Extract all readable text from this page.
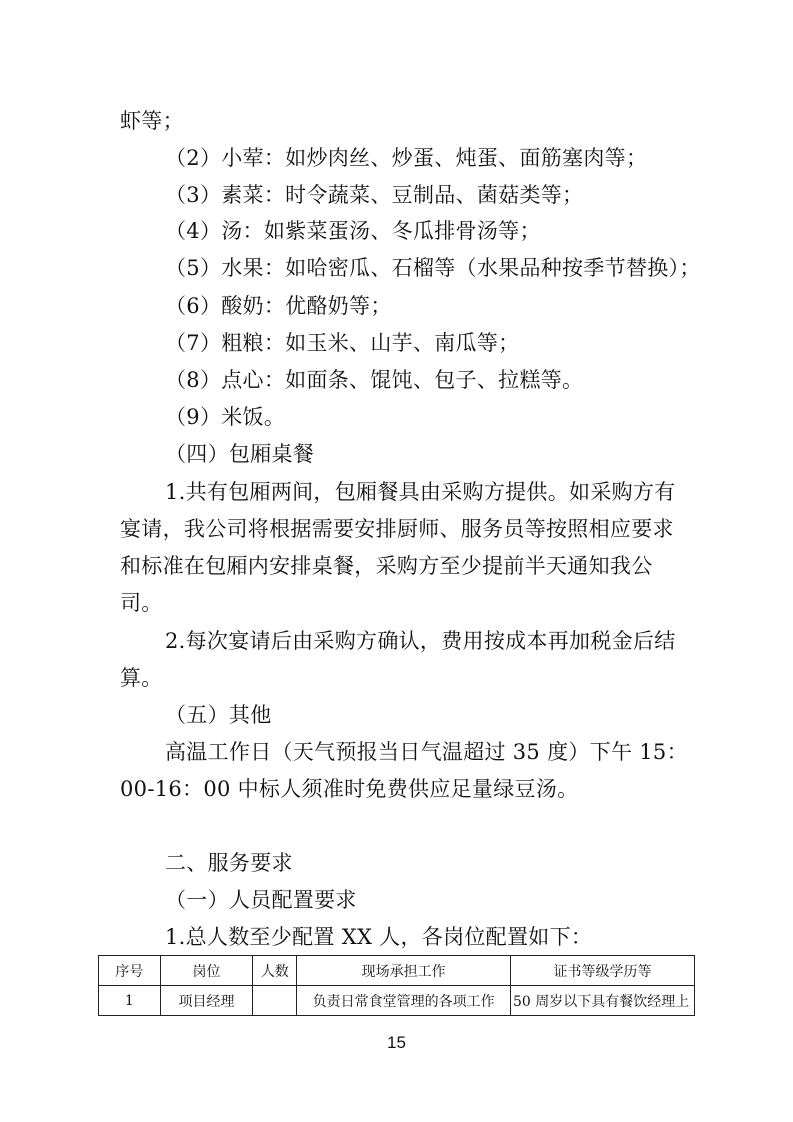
虾等；
（2）小荤：如炒肉丝、炒蛋、炖蛋、面筋塞肉等；
（3）素菜：时令蔬菜、豆制品、菌菇类等；
（4）汤：如紫菜蛋汤、冬瓜排骨汤等；
（5）水果：如哈密瓜、石榴等（水果品种按季节替换）；
（6）酸奶：优酪奶等；
（7）粗粮：如玉米、山芋、南瓜等；
（8）点心：如面条、馄饨、包子、拉糕等。
（9）米饭。
（四）包厢桌餐
1.共有包厢两间，包厢餐具由采购方提供。如采购方有
宴请，我公司将根据需要安排厨师、服务员等按照相应要求
和标准在包厢内安排桌餐，采购方至少提前半天通知我公
司。
2.每次宴请后由采购方确认，费用按成本再加税金后结
算。
（五）其他
高温工作日（天气预报当日气温超过 35 度）下午 15：
00-16：00 中标人须准时免费供应足量绿豆汤。
二、服务要求
（一）人员配置要求
1.总人数至少配置 XX 人，各岗位配置如下：
序号	岗位	人数	现场承担工作	证书等级学历等
1	项目经理		负责日常食堂管理的各项工作	50 周岁以下具有餐饮经理上
15
